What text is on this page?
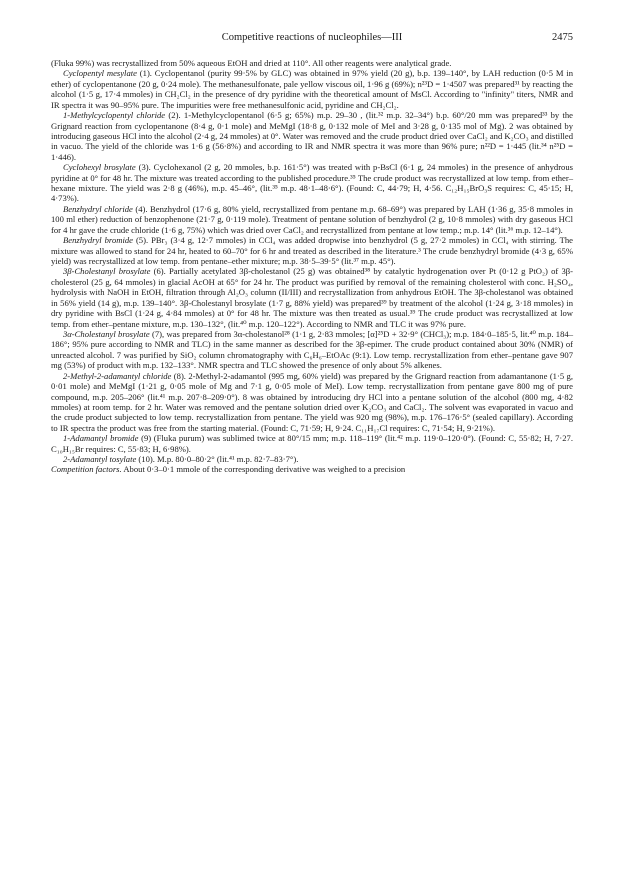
Competitive reactions of nucleophiles—III	2475

(Fluka 99%) was recrystallized from 50% aqueous EtOH and dried at 110°. All other reagents were analytical grade.

Cyclopentyl mesylate (1). Cyclopentanol (purity 99·5% by GLC) was obtained in 97% yield (20 g), b.p. 139–140°, by LAH reduction (0·5 M in ether) of cyclopentanone (20 g, 0·24 mole). The methanesulfonate, pale yellow viscous oil, 1·96 g (69%); n²³D = 1·4507 was prepared³¹ by reacting the alcohol (1·5 g, 17·4 mmoles) in CH₂Cl₂ in the presence of dry pyridine with the theoretical amount of MsCl. According to "infinity" titers, NMR and IR spectra it was 90–95% pure. The impurities were free methanesulfonic acid, pyridine and CH₂Cl₂.

1-Methylcyclopentyl chloride (2). 1-Methylcyclopentanol (6·5 g; 65%) m.p. 29–30 , (lit.³² m.p. 32–34°) b.p. 60°/20 mm was prepared³³ by the Grignard reaction from cyclopentanone (8·4 g, 0·1 mole) and MeMgI (18·8 g, 0·132 mole of MeI and 3·28 g, 0·135 mol of Mg). 2 was obtained by introducing gaseous HCl into the alcohol (2·4 g, 24 mmoles) at 0°. Water was removed and the crude product dried over CaCl₂ and K₂CO₃ and distilled in vacuo. The yield of the chloride was 1·6 g (56·8%) and according to IR and NMR spectra it was more than 96% pure; n²²D = 1·445 (lit.³⁴ n²⁵D = 1·446).

Cyclohexyl brosylate (3). Cyclohexanol (2 g, 20 mmoles, b.p. 161·5°) was treated with p-BsCl (6·1 g, 24 mmoles) in the presence of anhydrous pyridine at 0° for 48 hr. The mixture was treated according to the published procedure.³⁵ The crude product was recrystallized at low temp. from ether–hexane mixture. The yield was 2·8 g (46%), m.p. 45–46°, (lit.³⁵ m.p. 48·1–48·6°). (Found: C, 44·79; H, 4·56. C₁₂H₁₅BrO₃S requires: C, 45·15; H, 4·73%).

Benzhydryl chloride (4). Benzhydrol (17·6 g, 80% yield, recrystallized from pentane m.p. 68–69°) was prepared by LAH (1·36 g, 35·8 mmoles in 100 ml ether) reduction of benzophenone (21·7 g, 0·119 mole). Treatment of pentane solution of benzhydrol (2 g, 10·8 mmoles) with dry gaseous HCl for 4 hr gave the crude chloride (1·6 g, 75%) which was dried over CaCl₂ and recrystallized from pentane at low temp.; m.p. 14° (lit.³⁶ m.p. 12–14°).

Benzhydryl bromide (5). PBr₃ (3·4 g, 12·7 mmoles) in CCl₄ was added dropwise into benzhydrol (5 g, 27·2 mmoles) in CCl₄ with stirring. The mixture was allowed to stand for 24 hr, heated to 60–70° for 6 hr and treated as described in the literature.³ The crude benzhydryl bromide (4·3 g, 65% yield) was recrystallized at low temp. from pentane–ether mixture; m.p. 38·5–39·5° (lit.³⁷ m.p. 45°).

3β-Cholestanyl brosylate (6). Partially acetylated 3β-cholestanol (25 g) was obtained³⁸ by catalytic hydrogenation over Pt (0·12 g PtO₂) of 3β-cholesterol (25 g, 64 mmoles) in glacial AcOH at 65° for 24 hr. The product was purified by removal of the remaining cholesterol with conc. H₂SO₄, hydrolysis with NaOH in EtOH, filtration through Al₂O₃ column (II/III) and recrystallization from anhydrous EtOH. The 3β-cholestanol was obtained in 56% yield (14 g), m.p. 139–140°. 3β-Cholestanyl brosylate (1·7 g, 88% yield) was prepared³⁹ by treatment of the alcohol (1·24 g, 3·18 mmoles) in dry pyridine with BsCl (1·24 g, 4·84 mmoles) at 0° for 48 hr. The mixture was then treated as usual.³⁹ The crude product was recrystallized at low temp. from ether–pentane mixture, m.p. 130–132°, (lit.⁴⁰ m.p. 120–122°). According to NMR and TLC it was 97% pure.

3α-Cholestanyl brosylate (7), was prepared from 3α-cholestanol²⁸ (1·1 g, 2·83 mmoles; [α]²⁵D + 32·9° (CHCl₃); m.p. 184·0–185·5, lit.⁴⁰ m.p. 184–186°; 95% pure according to NMR and TLC) in the same manner as described for the 3β-epimer. The crude product contained about 30% (NMR) of unreacted alcohol. 7 was purified by SiO₂ column chromatography with C₆H₆–EtOAc (9:1). Low temp. recrystallization from ether–pentane gave 907 mg (53%) of product with m.p. 132–133°. NMR spectra and TLC showed the presence of only about 5% alkenes.

2-Methyl-2-adamantyl chloride (8). 2-Methyl-2-adamantol (995 mg, 60% yield) was prepared by the Grignard reaction from adamantanone (1·5 g, 0·01 mole) and MeMgI (1·21 g, 0·05 mole of Mg and 7·1 g, 0·05 mole of MeI). Low temp. recrystallization from pentane gave 800 mg of pure compound, m.p. 205–206° (lit.⁴¹ m.p. 207·8–209·0°). 8 was obtained by introducing dry HCl into a pentane solution of the alcohol (800 mg, 4·82 mmoles) at room temp. for 2 hr. Water was removed and the pentane solution dried over K₂CO₃ and CaCl₂. The solvent was evaporated in vacuo and the crude product subjected to low temp. recrystallization from pentane. The yield was 920 mg (98%), m.p. 176–176·5° (sealed capillary). According to IR spectra the product was free from the starting material. (Found: C, 71·59; H, 9·24. C₁₁H₁₇Cl requires: C, 71·54; H, 9·21%).

1-Adamantyl bromide (9) (Fluka purum) was sublimed twice at 80°/15 mm; m.p. 118–119° (lit.⁴² m.p. 119·0–120·0°). (Found: C, 55·82; H, 7·27. C₁₀H₁₅Br requires: C, 55·83; H, 6·98%).

2-Adamantyl tosylate (10). M.p. 80·0–80·2° (lit.⁴¹ m.p. 82·7–83·7°).

Competition factors. About 0·3–0·1 mmole of the corresponding derivative was weighed to a precision
